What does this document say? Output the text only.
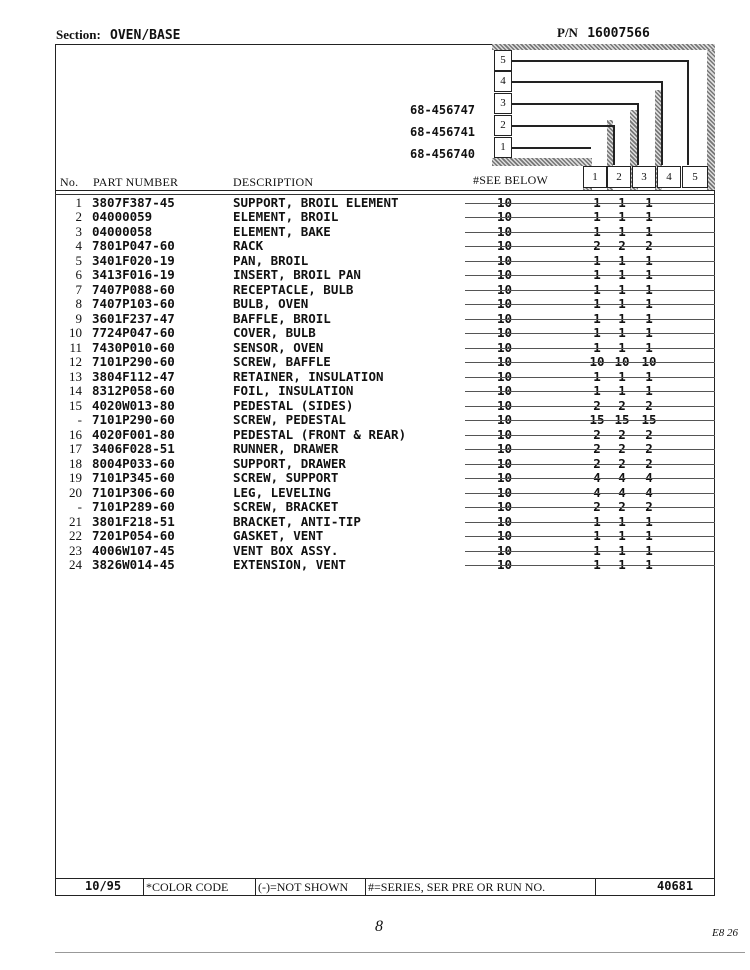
Section: OVEN/BASE	P/N 16007566
5
4
3
2
1
1	2	3	4	5
68-456747
68-456741
68-456740
No. PART NUMBER	DESCRIPTION	#SEE BELOW
1 3807F387-45	SUPPORT, BROIL ELEMENT	10	1	1	1
2 04000059	ELEMENT, BROIL	10	1	1	1
3 04000058	ELEMENT, BAKE	10	1	1	1
4 7801P047-60	RACK	10	2	2	2
5 3401F020-19	PAN, BROIL	10	1	1	1
6 3413F016-19	INSERT, BROIL PAN	10	1	1	1
7 7407P088-60	RECEPTACLE, BULB	10	1	1	1
8 7407P103-60	BULB, OVEN	10	1	1	1
9 3601F237-47	BAFFLE, BROIL	10	1	1	1
10 7724P047-60	COVER, BULB	10	1	1	1
11 7430P010-60	SENSOR, OVEN	10	1	1	1
12 7101P290-60	SCREW, BAFFLE	10	10 10 10
13 3804F112-47	RETAINER, INSULATION	10	1	1	1
14 8312P058-60	FOIL, INSULATION	10	1	1	1
15 4020W013-80	PEDESTAL (SIDES)	10	2	2	2
- 7101P290-60	SCREW, PEDESTAL	10	15 15 15
16 4020F001-80	PEDESTAL (FRONT & REAR)	10	2	2	2
17 3406F028-51	RUNNER, DRAWER	10	2	2	2
18 8004P033-60	SUPPORT, DRAWER	10	2	2	2
19 7101P345-60	SCREW, SUPPORT	10	4	4	4
20 7101P306-60	LEG, LEVELING	10	4	4	4
- 7101P289-60	SCREW, BRACKET	10	2	2	2
21 3801F218-51	BRACKET, ANTI-TIP	10	1	1	1
22 7201P054-60	GASKET, VENT	10	1	1	1
23 4006W107-45	VENT BOX ASSY.	10	1	1	1
24 3826W014-45	EXTENSION, VENT	10	1	1	1
10/95 *COLOR CODE (-)=NOT SHOWN #=SERIES, SER PRE OR RUN NO.	40681
8	E8 26
